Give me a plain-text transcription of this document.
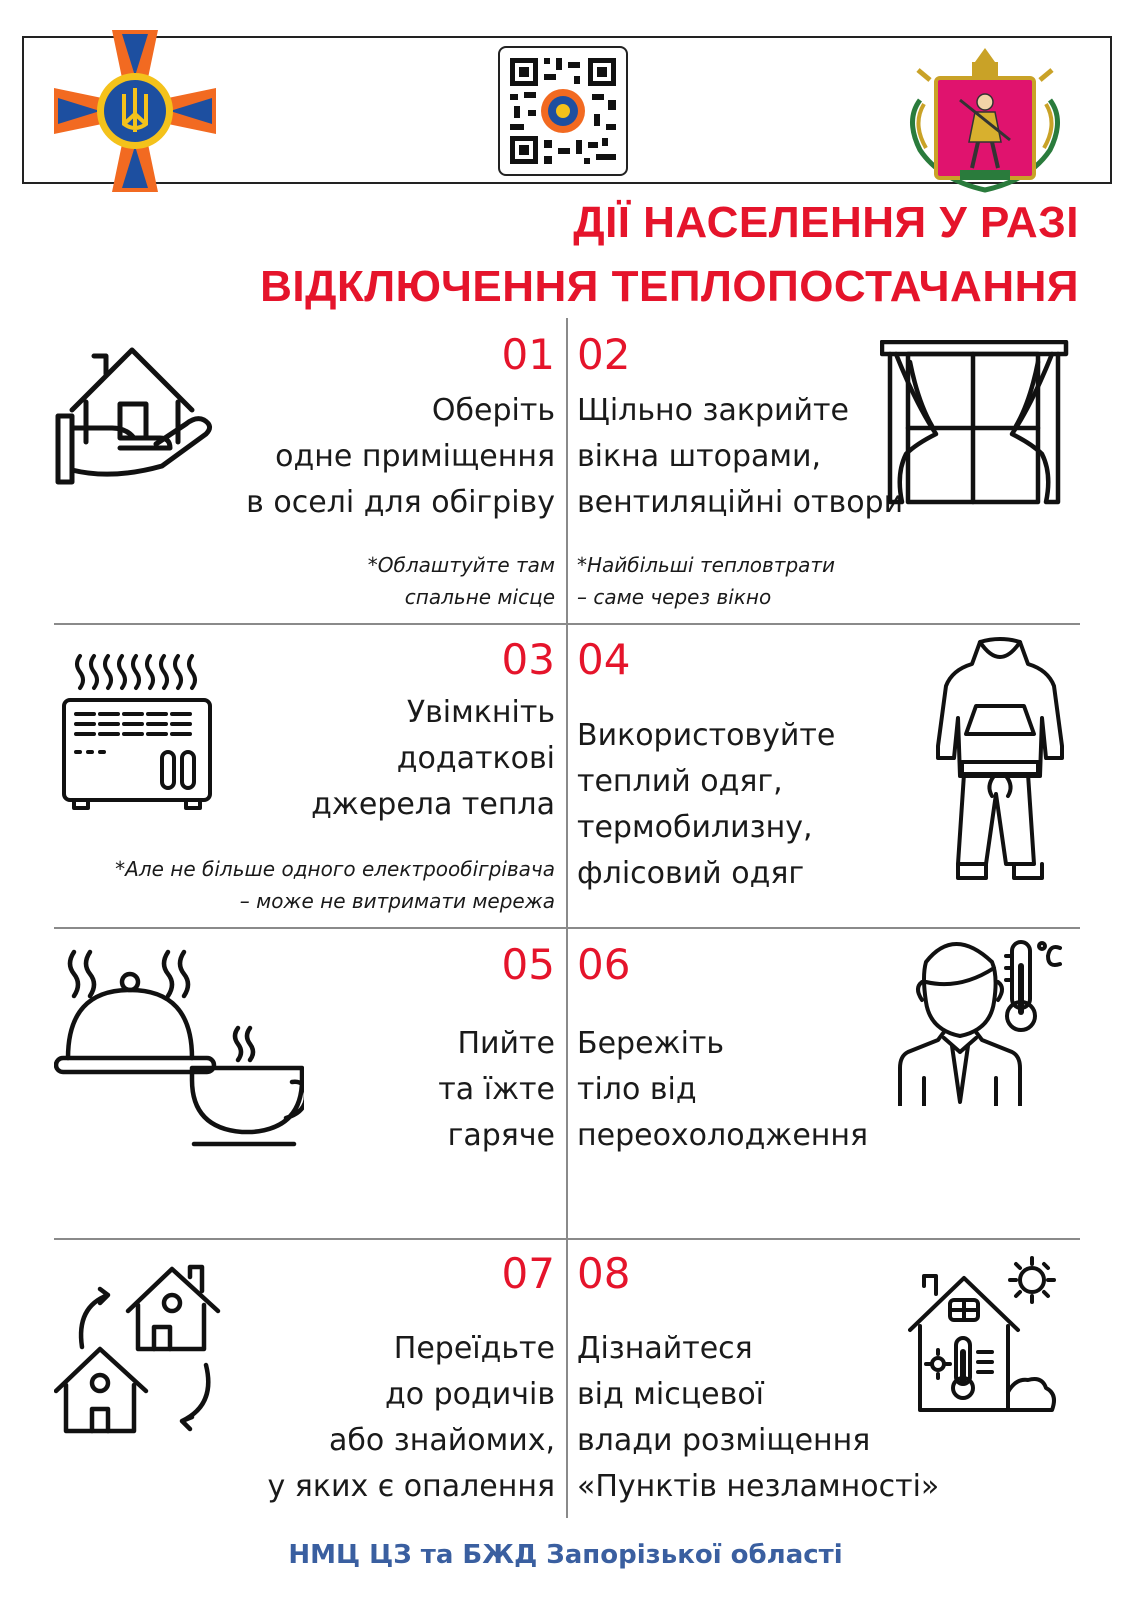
ДІЇ НАСЕЛЕННЯ У РАЗІ
ВІДКЛЮЧЕННЯ ТЕПЛОПОСТАЧАННЯ
01
Оберіть
одне приміщення
в оселі для обігріву
*Облаштуйте там
спальне місце
02
Щільно закрийте
вікна шторами,
вентиляційні отвори
*Найбільші тепловтрати
– саме через вікно
03
Увімкніть
додаткові
джерела тепла
*Але не більше одного електрообігрівача
– може не витримати мережа
04
Використовуйте
теплий одяг,
термобилизну,
флісовий одяг
05
Пийте
та їжте
гаряче
06
Бережіть
тіло від
переохолодження
07
Переїдьте
до родичів
або знайомих,
у яких є опалення
08
Дізнайтеся
від місцевої
влади розміщення
«Пунктів незламності»
НМЦ ЦЗ та БЖД Запорізької області
